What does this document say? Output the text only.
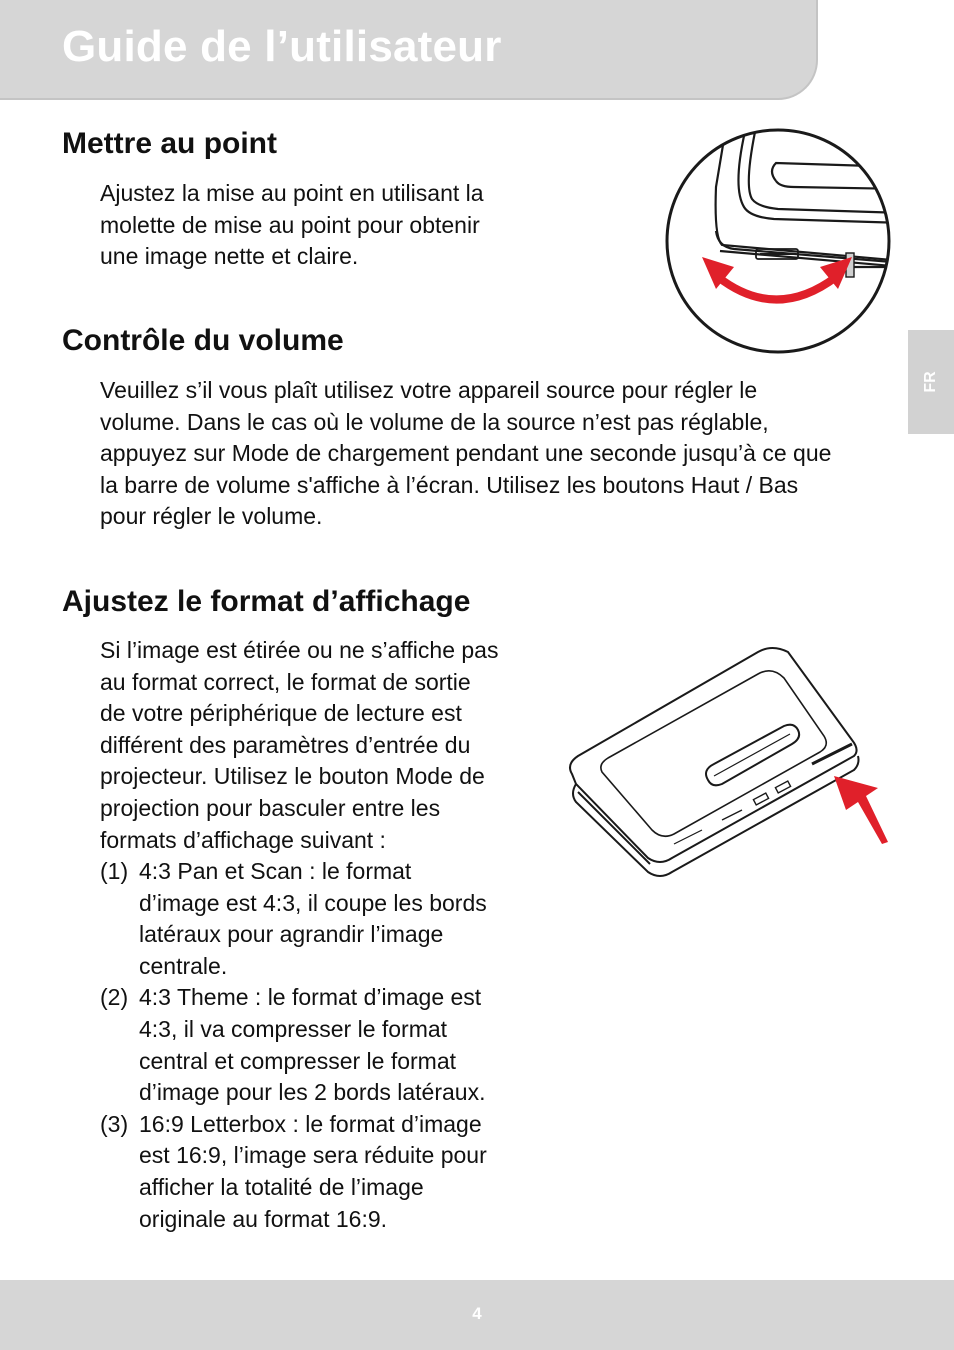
Guide de l’utilisateur
FR
Mettre au point

Ajustez la mise au point en utilisant la
molette de mise au point pour obtenir
une image nette et claire.

Contrôle du volume

Veuillez s’il vous plaît utilisez votre appareil source pour régler le
volume. Dans le cas où le volume de la source n’est pas réglable,
appuyez sur Mode de chargement pendant une seconde jusqu’à ce que
la barre de volume s'affiche à l’écran. Utilisez les boutons Haut / Bas
pour régler le volume.

Ajustez le format d’affichage

Si l’image est étirée ou ne s’affiche pas
au format correct, le format de sortie
de votre périphérique de lecture est
différent des paramètres d’entrée du
projecteur. Utilisez le bouton Mode de
projection pour basculer entre les
formats d’affichage suivant :

(1) 4:3 Pan et Scan : le format
d’image est 4:3, il coupe les bords
latéraux pour agrandir l’image
centrale.
(2) 4:3 Theme : le format d’image est
4:3, il va compresser le format
central et compresser le format
d’image pour les 2 bords latéraux.
(3) 16:9 Letterbox : le format d’image
est 16:9, l’image sera réduite pour
afficher la totalité de l’image
originale au format 16:9.
4
